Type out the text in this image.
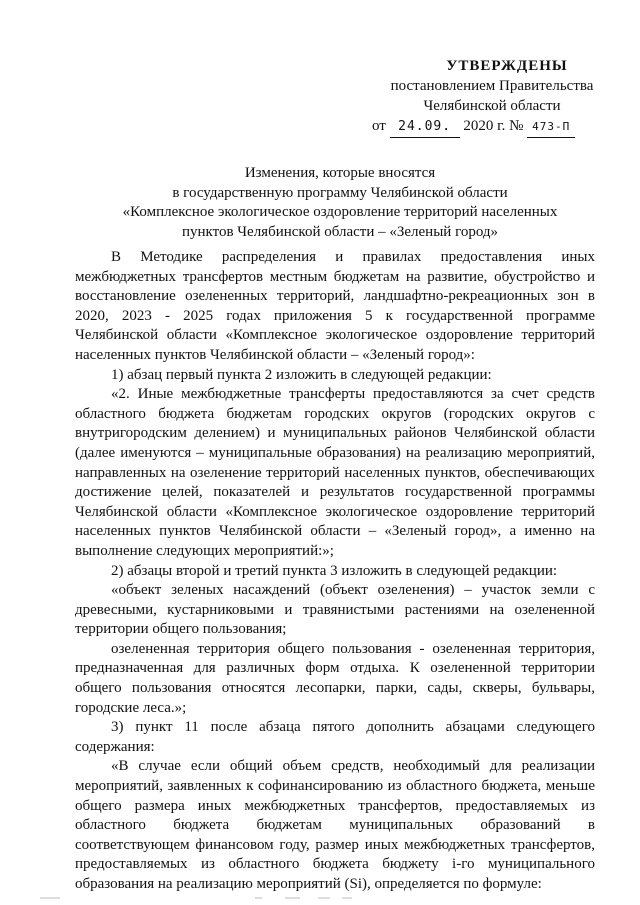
УТВЕРЖДЕНЫ
постановлением Правительства
Челябинской области
от 24.09. 2020 г. № 473-П
Изменения, которые вносятся
в государственную программу Челябинской области
«Комплексное экологическое оздоровление территорий населенных
пунктов Челябинской области – «Зеленый город»

В Методике распределения и правилах предоставления иных межбюджетных трансфертов местным бюджетам на развитие, обустройство и восстановление озелененных территорий, ландшафтно-рекреационных зон в 2020, 2023 - 2025 годах приложения 5 к государственной программе Челябинской области «Комплексное экологическое оздоровление территорий населенных пунктов Челябинской области – «Зеленый город»:

1) абзац первый пункта 2 изложить в следующей редакции:

«2. Иные межбюджетные трансферты предоставляются за счет средств областного бюджета бюджетам городских округов (городских округов с внутригородским делением) и муниципальных районов Челябинской области (далее именуются – муниципальные образования) на реализацию мероприятий, направленных на озеленение территорий населенных пунктов, обеспечивающих достижение целей, показателей и результатов государственной программы Челябинской области «Комплексное экологическое оздоровление территорий населенных пунктов Челябинской области – «Зеленый город», а именно на выполнение следующих мероприятий:»;

2) абзацы второй и третий пункта 3 изложить в следующей редакции:

«объект зеленых насаждений (объект озеленения) – участок земли с древесными, кустарниковыми и травянистыми растениями на озелененной территории общего пользования;

озелененная территория общего пользования - озелененная территория, предназначенная для различных форм отдыха. К озелененной территории общего пользования относятся лесопарки, парки, сады, скверы, бульвары, городские леса.»;

3) пункт 11 после абзаца пятого дополнить абзацами следующего содержания:

«В случае если общий объем средств, необходимый для реализации мероприятий, заявленных к софинансированию из областного бюджета, меньше общего размера иных межбюджетных трансфертов, предоставляемых из областного бюджета бюджетам муниципальных образований в соответствующем финансовом году, размер иных межбюджетных трансфертов, предоставляемых из областного бюджета бюджету i-го муниципального образования на реализацию мероприятий (Si), определяется по формуле:
